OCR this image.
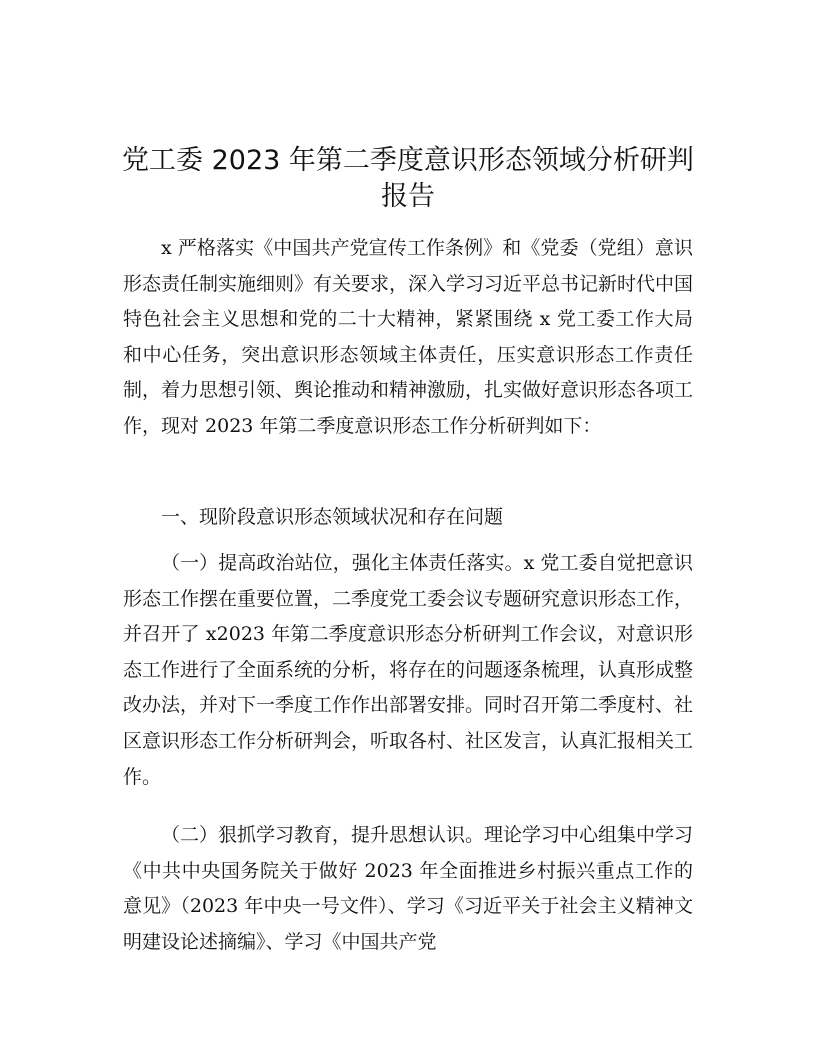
党工委 2023 年第二季度意识形态领域分析研判
报告

x 严格落实《中国共产党宣传工作条例》和《党委（党组）意识形态责任制实施细则》有关要求，深入学习习近平总书记新时代中国特色社会主义思想和党的二十大精神，紧紧围绕 x 党工委工作大局和中心任务，突出意识形态领域主体责任，压实意识形态工作责任制，着力思想引领、舆论推动和精神激励，扎实做好意识形态各项工作，现对 2023 年第二季度意识形态工作分析研判如下：

一、现阶段意识形态领域状况和存在问题

（一）提高政治站位，强化主体责任落实。x 党工委自觉把意识形态工作摆在重要位置，二季度党工委会议专题研究意识形态工作，并召开了 x2023 年第二季度意识形态分析研判工作会议，对意识形态工作进行了全面系统的分析，将存在的问题逐条梳理，认真形成整改办法，并对下一季度工作作出部署安排。同时召开第二季度村、社区意识形态工作分析研判会，听取各村、社区发言，认真汇报相关工作。

（二）狠抓学习教育，提升思想认识。理论学习中心组集中学习《中共中央国务院关于做好 2023 年全面推进乡村振兴重点工作的意见》（2023 年中央一号文件）、学习《习近平关于社会主义精神文明建设论述摘编》、学习《中国共产党
